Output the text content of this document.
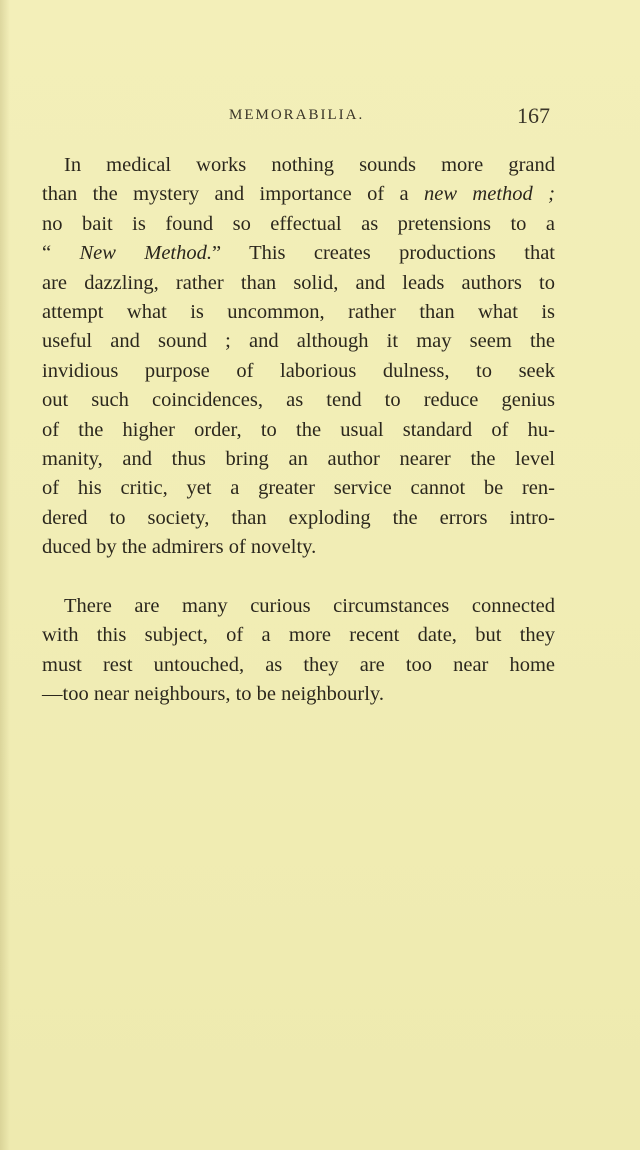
MEMORABILIA.	167
In medical works nothing sounds more grand
than the mystery and importance of a new method ;
no bait is found so effectual as pretensions to a
“ New Method.” This creates productions that
are dazzling, rather than solid, and leads authors to
attempt what is uncommon, rather than what is
useful and sound ; and although it may seem the
invidious purpose of laborious dulness, to seek
out such coincidences, as tend to reduce genius
of the higher order, to the usual standard of hu-
manity, and thus bring an author nearer the level
of his critic, yet a greater service cannot be ren-
dered to society, than exploding the errors intro-
duced by the admirers of novelty.
There are many curious circumstances connected
with this subject, of a more recent date, but they
must rest untouched, as they are too near home
—too near neighbours, to be neighbourly.
